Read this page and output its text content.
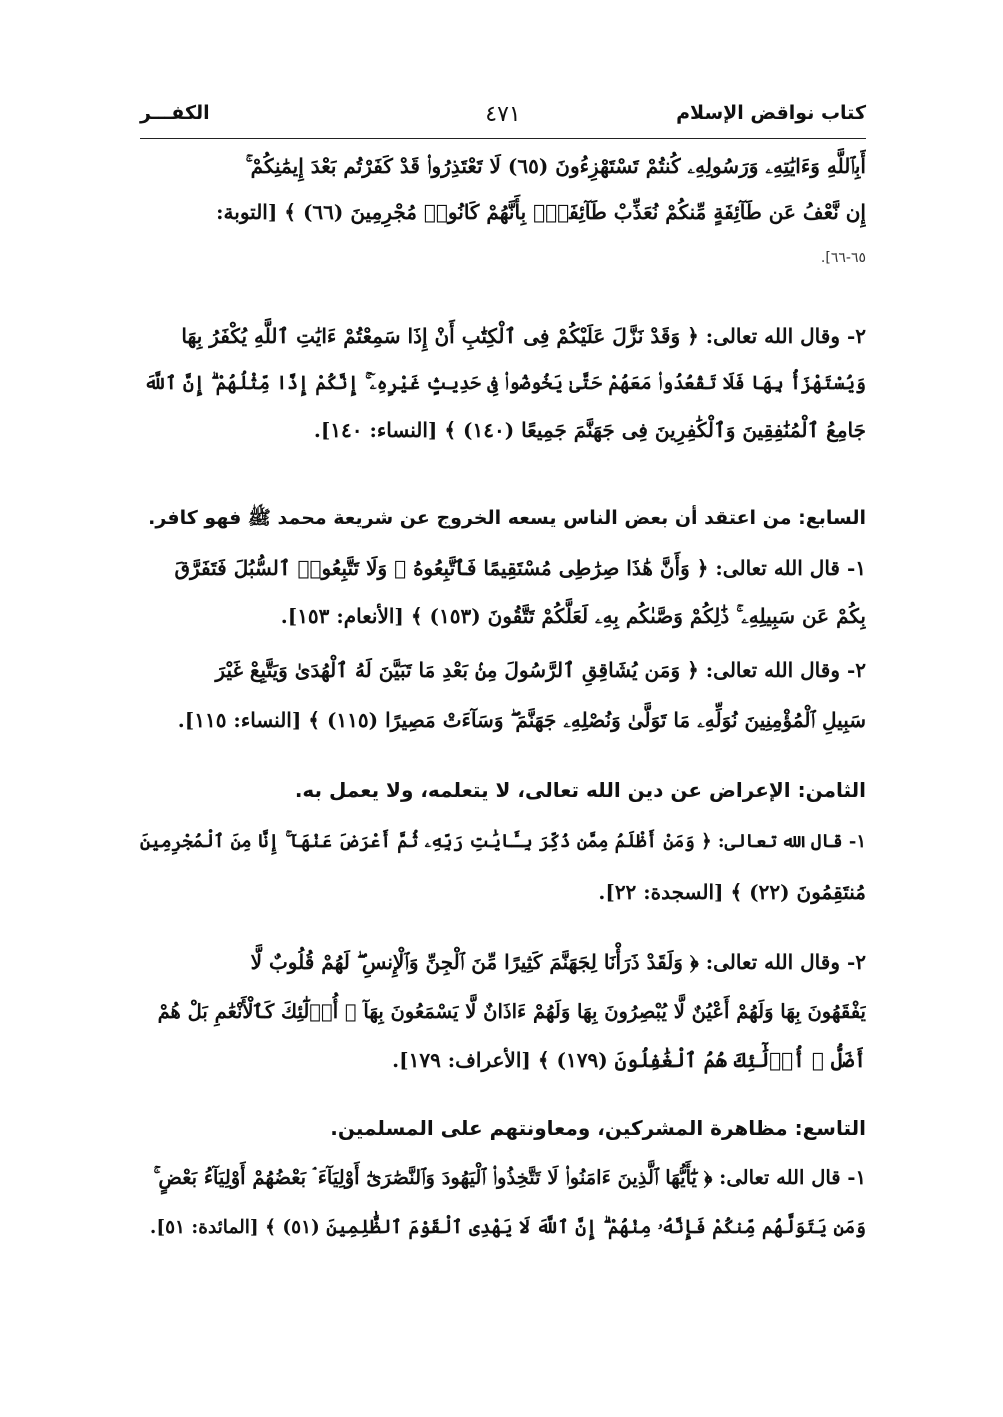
كتاب نواقض الإسلام
٤٧١
الكفـــر
أَبِٱللَّهِ وَءَايَٰتِهِۦ وَرَسُولِهِۦ كُنتُمْ تَسْتَهْزِءُونَ (٦٥) لَا تَعْتَذِرُوا۟ قَدْ كَفَرْتُم بَعْدَ إِيمَٰنِكُمْ ۚ
إِن نَّعْفُ عَن طَآئِفَةٍ مِّنكُمْ نُعَذِّبْ طَآئِفَةًۢ بِأَنَّهُمْ كَانُوا۟ مُجْرِمِينَ (٦٦) ﴾ [التوبة:
٦٥-٦٦].
٢- وقال الله تعالى: ﴿ وَقَدْ نَزَّلَ عَلَيْكُمْ فِى ٱلْكِتَٰبِ أَنْ إِذَا سَمِعْتُمْ ءَايَٰتِ ٱللَّهِ يُكْفَرُ بِهَا
وَيُسْتَهْزَأُ بِهَا فَلَا تَقْعُدُوا۟ مَعَهُمْ حَتَّىٰ يَخُوضُوا۟ فِى حَدِيثٍ غَيْرِهِۦٓ ۚ إِنَّكُمْ إِذًا مِّثْلُهُمْ ۗ إِنَّ ٱللَّهَ
جَامِعُ ٱلْمُنَٰفِقِينَ وَٱلْكَٰفِرِينَ فِى جَهَنَّمَ جَمِيعًا (١٤٠) ﴾ [النساء: ١٤٠].
السابع: من اعتقد أن بعض الناس يسعه الخروج عن شريعة محمد ﷺ فهو كافر.
١- قال الله تعالى: ﴿ وَأَنَّ هَٰذَا صِرَٰطِى مُسْتَقِيمًا فَٱتَّبِعُوهُ ۖ وَلَا تَتَّبِعُوا۟ ٱلسُّبُلَ فَتَفَرَّقَ
بِكُمْ عَن سَبِيلِهِۦ ۚ ذَٰلِكُمْ وَصَّىٰكُم بِهِۦ لَعَلَّكُمْ تَتَّقُونَ (١٥٣) ﴾ [الأنعام: ١٥٣].
٢- وقال الله تعالى: ﴿ وَمَن يُشَاقِقِ ٱلرَّسُولَ مِنۢ بَعْدِ مَا تَبَيَّنَ لَهُ ٱلْهُدَىٰ وَيَتَّبِعْ غَيْرَ
سَبِيلِ ٱلْمُؤْمِنِينَ نُوَلِّهِۦ مَا تَوَلَّىٰ وَنُصْلِهِۦ جَهَنَّمَ ۖ وَسَآءَتْ مَصِيرًا (١١٥) ﴾ [النساء: ١١٥].
الثامن: الإعراض عن دين الله تعالى، لا يتعلمه، ولا يعمل به.
١- قال الله تعالى: ﴿ وَمَنْ أَظْلَمُ مِمَّن ذُكِّرَ بِـَٔايَٰتِ رَبِّهِۦ ثُمَّ أَعْرَضَ عَنْهَآ ۚ إِنَّا مِنَ ٱلْمُجْرِمِينَ
مُنتَقِمُونَ (٢٢) ﴾ [السجدة: ٢٢].
٢- وقال الله تعالى: ﴿ وَلَقَدْ ذَرَأْنَا لِجَهَنَّمَ كَثِيرًا مِّنَ ٱلْجِنِّ وَٱلْإِنسِ ۖ لَهُمْ قُلُوبٌ لَّا
يَفْقَهُونَ بِهَا وَلَهُمْ أَعْيُنٌ لَّا يُبْصِرُونَ بِهَا وَلَهُمْ ءَاذَانٌ لَّا يَسْمَعُونَ بِهَآ ۚ أُو۟لَٰٓئِكَ كَٱلْأَنْعَٰمِ بَلْ هُمْ
أَضَلُّ ۚ أُو۟لَٰٓئِكَ هُمُ ٱلْغَٰفِلُونَ (١٧٩) ﴾ [الأعراف: ١٧٩].
التاسع: مظاهرة المشركين، ومعاونتهم على المسلمين.
١- قال الله تعالى: ﴿ يَٰٓأَيُّهَا ٱلَّذِينَ ءَامَنُوا۟ لَا تَتَّخِذُوا۟ ٱلْيَهُودَ وَٱلنَّصَٰرَىٰٓ أَوْلِيَآءَ ۘ بَعْضُهُمْ أَوْلِيَآءُ بَعْضٍ ۚ
وَمَن يَتَوَلَّهُم مِّنكُمْ فَإِنَّهُۥ مِنْهُمْ ۗ إِنَّ ٱللَّهَ لَا يَهْدِى ٱلْقَوْمَ ٱلظَّٰلِمِينَ (٥١) ﴾ [المائدة: ٥١].
